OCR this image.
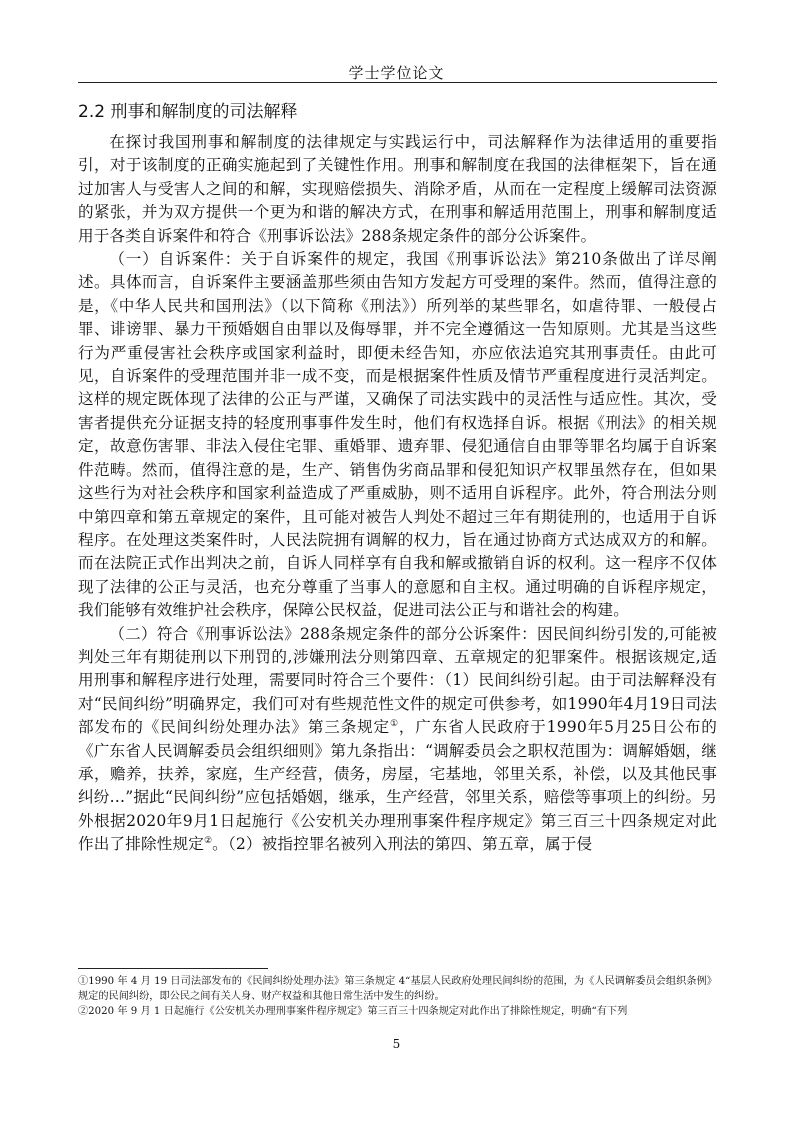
学士学位论文
2.2 刑事和解制度的司法解释

在探讨我国刑事和解制度的法律规定与实践运行中，司法解释作为法律适用的重要指引，对于该制度的正确实施起到了关键性作用。刑事和解制度在我国的法律框架下，旨在通过加害人与受害人之间的和解，实现赔偿损失、消除矛盾，从而在一定程度上缓解司法资源的紧张，并为双方提供一个更为和谐的解决方式，在刑事和解适用范围上，刑事和解制度适用于各类自诉案件和符合《刑事诉讼法》288条规定条件的部分公诉案件。

（一）自诉案件：关于自诉案件的规定，我国《刑事诉讼法》第210条做出了详尽阐述。具体而言，自诉案件主要涵盖那些须由告知方发起方可受理的案件。然而，值得注意的是，《中华人民共和国刑法》（以下简称《刑法》）所列举的某些罪名，如虐待罪、一般侵占罪、诽谤罪、暴力干预婚姻自由罪以及侮辱罪，并不完全遵循这一告知原则。尤其是当这些行为严重侵害社会秩序或国家利益时，即便未经告知，亦应依法追究其刑事责任。由此可见，自诉案件的受理范围并非一成不变，而是根据案件性质及情节严重程度进行灵活判定。这样的规定既体现了法律的公正与严谨，又确保了司法实践中的灵活性与适应性。其次，受害者提供充分证据支持的轻度刑事事件发生时，他们有权选择自诉。根据《刑法》的相关规定，故意伤害罪、非法入侵住宅罪、重婚罪、遗弃罪、侵犯通信自由罪等罪名均属于自诉案件范畴。然而，值得注意的是，生产、销售伪劣商品罪和侵犯知识产权罪虽然存在，但如果这些行为对社会秩序和国家利益造成了严重威胁，则不适用自诉程序。此外，符合刑法分则中第四章和第五章规定的案件，且可能对被告人判处不超过三年有期徒刑的，也适用于自诉程序。在处理这类案件时，人民法院拥有调解的权力，旨在通过协商方式达成双方的和解。而在法院正式作出判决之前，自诉人同样享有自我和解或撤销自诉的权利。这一程序不仅体现了法律的公正与灵活，也充分尊重了当事人的意愿和自主权。通过明确的自诉程序规定，我们能够有效维护社会秩序，保障公民权益，促进司法公正与和谐社会的构建。

（二）符合《刑事诉讼法》288条规定条件的部分公诉案件：因民间纠纷引发的,可能被判处三年有期徒刑以下刑罚的,涉嫌刑法分则第四章、五章规定的犯罪案件。根据该规定,适用刑事和解程序进行处理，需要同时符合三个要件：（1）民间纠纷引起。由于司法解释没有对“民间纠纷”明确界定，我们可对有些规范性文件的规定可供参考，如1990年4月19日司法部发布的《民间纠纷处理办法》第三条规定①，广东省人民政府于1990年5月25日公布的《广东省人民调解委员会组织细则》第九条指出：“调解委员会之职权范围为：调解婚姻，继承，赡养，扶养，家庭，生产经营，债务，房屋，宅基地，邻里关系，补偿，以及其他民事纠纷…”据此“民间纠纷”应包括婚姻，继承，生产经营，邻里关系，赔偿等事项上的纠纷。另外根据2020年9月1日起施行《公安机关办理刑事案件程序规定》第三百三十四条规定对此作出了排除性规定②。（2）被指控罪名被列入刑法的第四、第五章，属于侵

①1990 年 4 月 19 日司法部发布的《民间纠纷处理办法》第三条规定 4“基层人民政府处理民间纠纷的范围，为《人民调解委员会组织条例》规定的民间纠纷，即公民之间有关人身、财产权益和其他日常生活中发生的纠纷。

②2020 年 9 月 1 日起施行《公安机关办理刑事案件程序规定》第三百三十四条规定对此作出了排除性规定，明确“有下列

5
